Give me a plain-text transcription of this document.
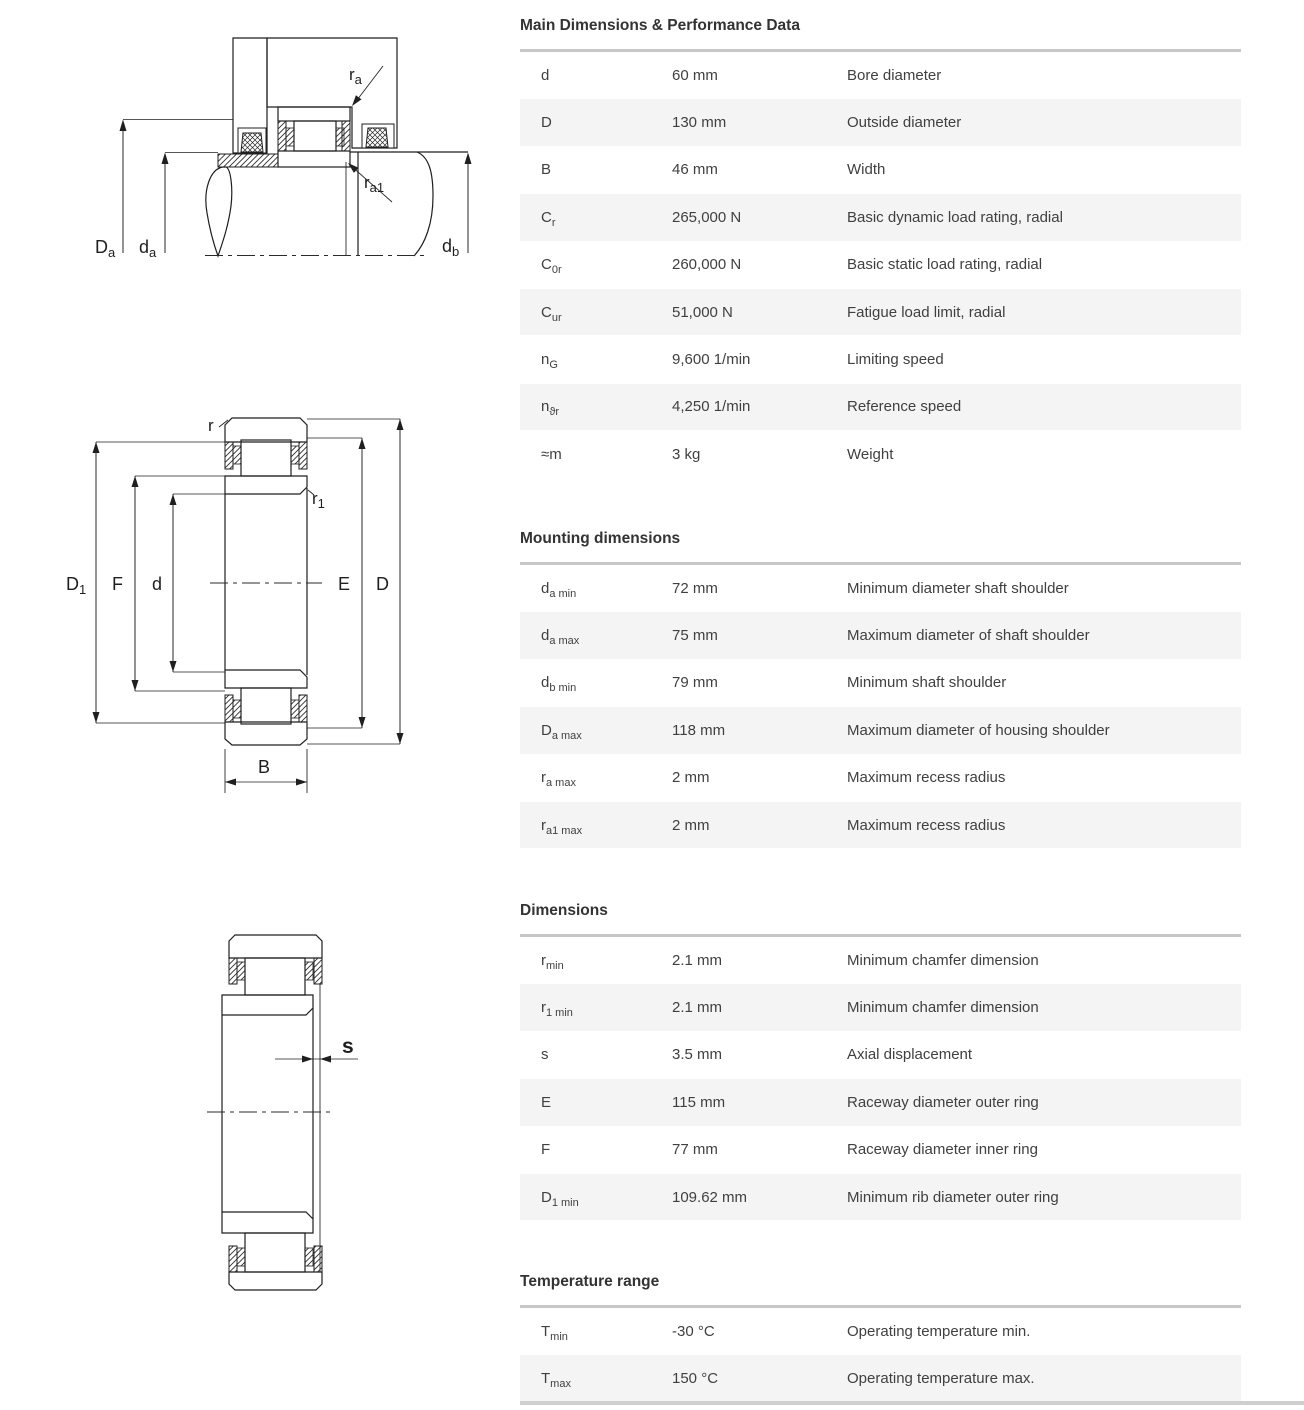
$D_a$ $d_a$	$d_b$
$r_a$
$r_{a1}$
$D_1$ F d	E D
r
$r_1$
B
s
Main Dimensions & Performance Data
d	60 mm	Bore diameter
D	130 mm	Outside diameter
B	46 mm	Width
$C_r$	265,000 N	Basic dynamic load rating, radial
$C_{0r}$	260,000 N	Basic static load rating, radial
$C_{ur}$	51,000 N	Fatigue load limit, radial
$n_G$	9,600 1/min	Limiting speed
$n_{ϑr}$	4,250 1/min	Reference speed
≈m	3 kg	Weight
Mounting dimensions
$d_{a min}$	72 mm	Minimum diameter shaft shoulder
$d_{a max}$	75 mm	Maximum diameter of shaft shoulder
$d_{b min}$	79 mm	Minimum shaft shoulder
$D_{a max}$	118 mm	Maximum diameter of housing shoulder
$r_{a max}$	2 mm	Maximum recess radius
$r_{a1 max}$	2 mm	Maximum recess radius
Dimensions
$r_{min}$	2.1 mm	Minimum chamfer dimension
$r_{1 min}$	2.1 mm	Minimum chamfer dimension
s	3.5 mm	Axial displacement
E	115 mm	Raceway diameter outer ring
F	77 mm	Raceway diameter inner ring
$D_{1 min}$	109.62 mm	Minimum rib diameter outer ring
Temperature range
$T_{min}$	-30 °C	Operating temperature min.
$T_{max}$	150 °C	Operating temperature max.
